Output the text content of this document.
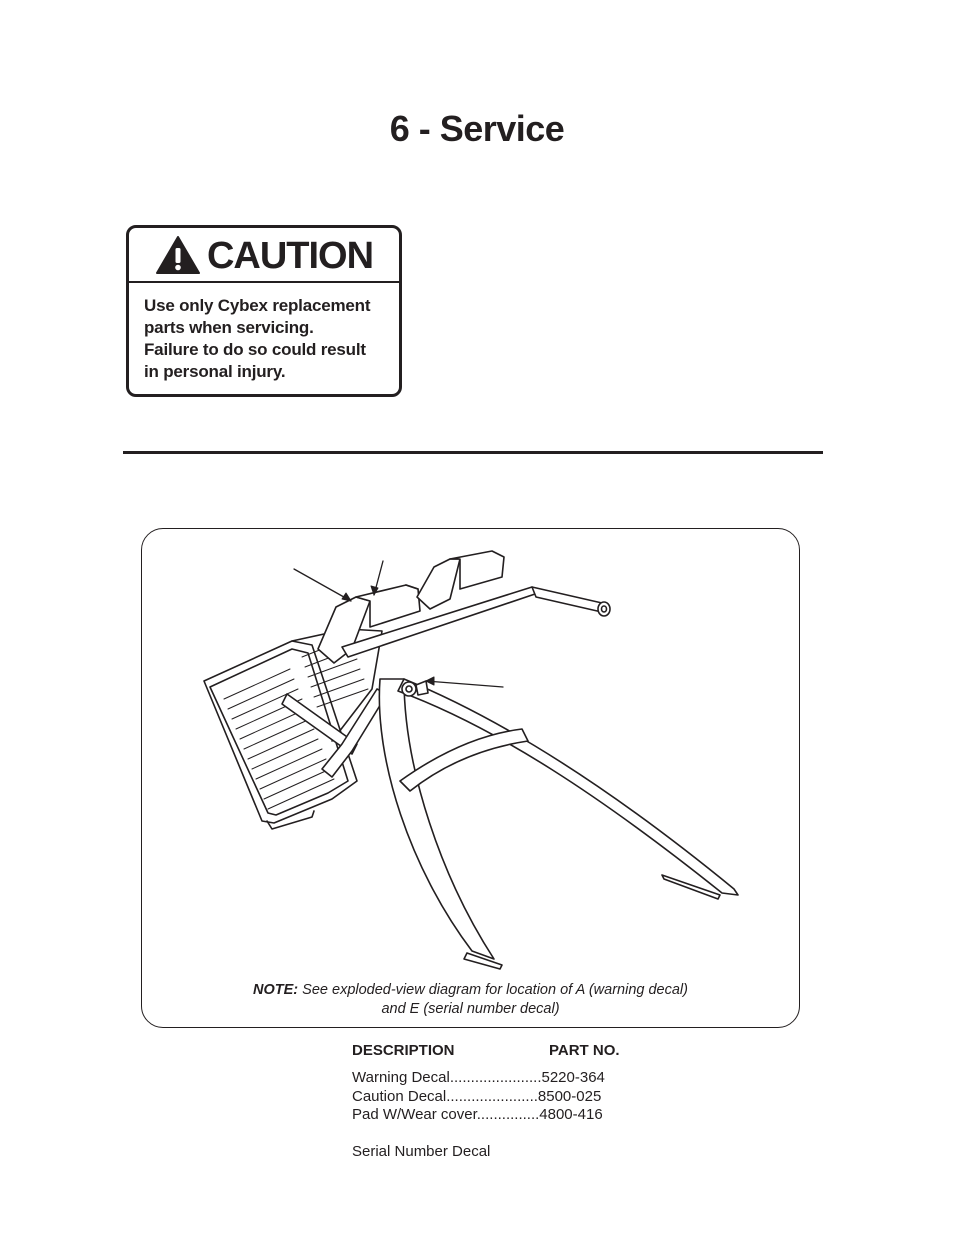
6 - Service
CAUTION
Use only Cybex replacement
parts when servicing.
Failure to do so could result
in personal injury.
NOTE: See exploded-view diagram for location of A (warning decal)
and E (serial number decal)
DESCRIPTION	PART NO.
Warning Decal......................5220-364
Caution Decal......................8500-025
Pad W/Wear cover...............4800-416
Serial Number Decal
